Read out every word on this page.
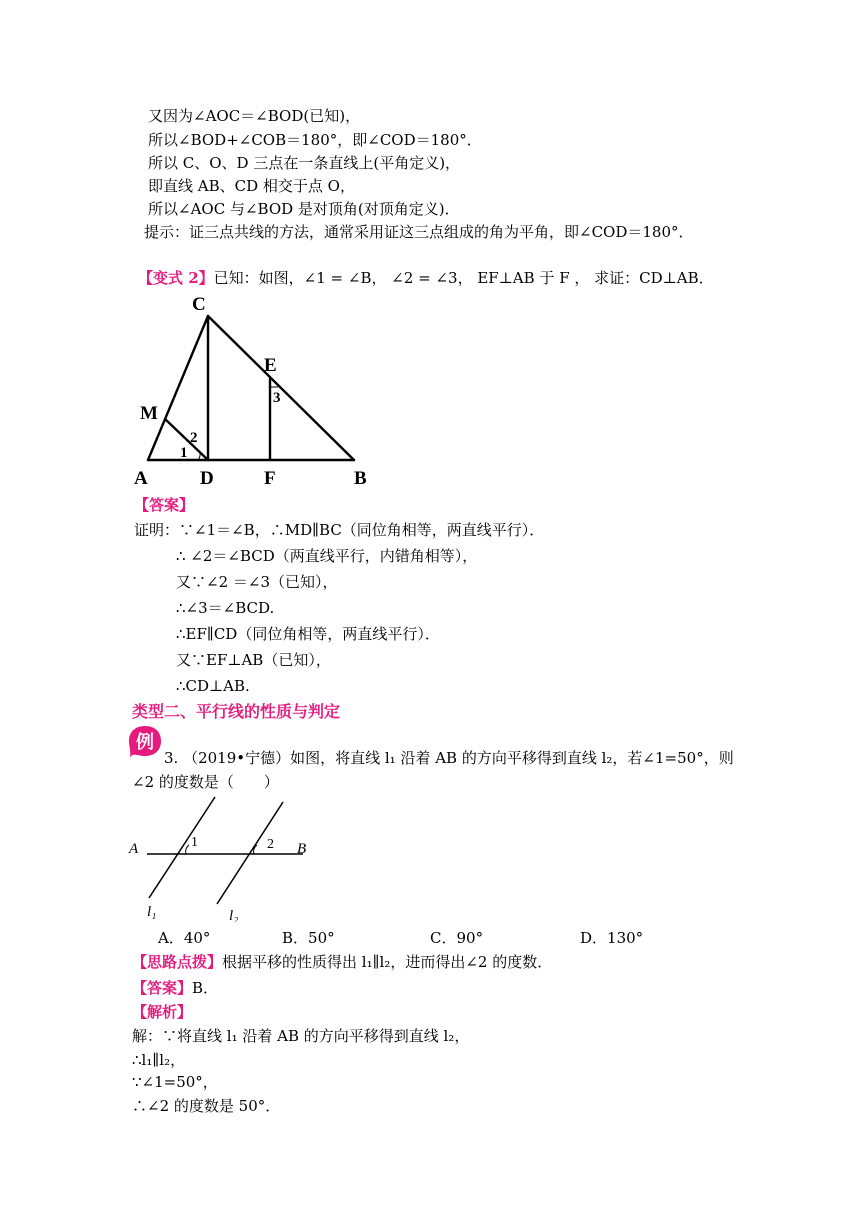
又因为∠AOC＝∠BOD(已知)，
所以∠BOD+∠COB＝180°，即∠COD＝180°．
所以 C、O、D 三点在一条直线上(平角定义)，
即直线 AB、CD 相交于点 O，
所以∠AOC 与∠BOD 是对顶角(对顶角定义)．
提示：证三点共线的方法，通常采用证这三点组成的角为平角，即∠COD＝180°．
【变式 2】已知：如图，∠1 = ∠B， ∠2 = ∠3， EF⊥AB 于 F ， 求证：CD⊥AB．
C
E
M
A	D	F	B
1
2
3
【答案】
证明：∵∠1＝∠B，∴MD∥BC（同位角相等，两直线平行）．
∴ ∠2＝∠BCD（两直线平行，内错角相等），
又∵∠2 ＝∠3（已知），
∴∠3＝∠BCD.
∴EF∥CD（同位角相等，两直线平行）．
又∵EF⊥AB（已知），
∴CD⊥AB.
类型二、平行线的性质与判定
例
3. （2019•宁德）如图，将直线 l₁ 沿着 AB 的方向平移得到直线 l₂，若∠1=50°，则
∠2 的度数是（　　）
A	B
l₁	l₂
1	2
A．40°	B．50°	C．90°	D．130°
【思路点拨】根据平移的性质得出 l₁∥l₂，进而得出∠2 的度数．
【答案】B．
【解析】
解：∵将直线 l₁ 沿着 AB 的方向平移得到直线 l₂，
∴l₁∥l₂，
∵∠1=50°，
∴∠2 的度数是 50°．
